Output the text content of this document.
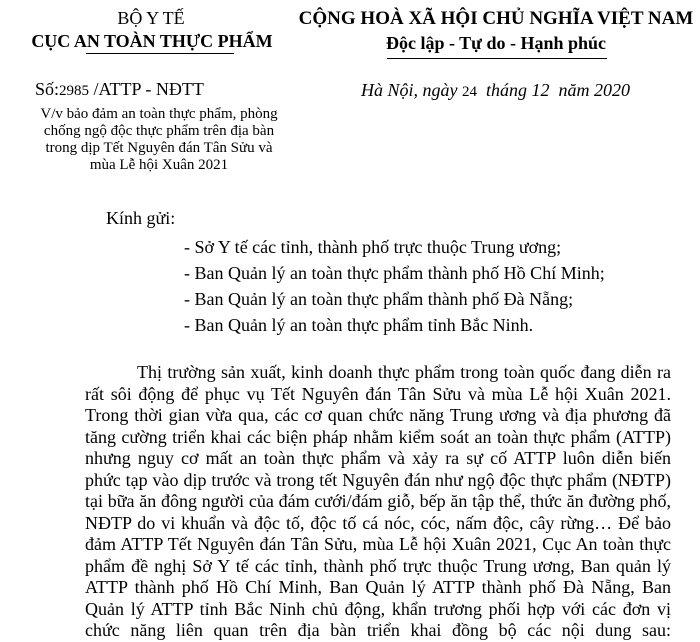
BỘ Y TẾ
CỤC AN TOÀN THỰC PHẨM
Số:2985 /ATTP - NĐTT
V/v bảo đảm an toàn thực phẩm, phòng
chống ngộ độc thực phẩm trên địa bàn
trong dịp Tết Nguyên đán Tân Sửu và
mùa Lễ hội Xuân 2021
CỘNG HOÀ XÃ HỘI CHỦ NGHĨA VIỆT NAM
Độc lập - Tự do - Hạnh phúc
Hà Nội, ngày 24 tháng 12 năm 2020
Kính gửi:
- Sở Y tế các tỉnh, thành phố trực thuộc Trung ương;
- Ban Quản lý an toàn thực phẩm thành phố Hồ Chí Minh;
- Ban Quản lý an toàn thực phẩm thành phố Đà Nẵng;
- Ban Quản lý an toàn thực phẩm tỉnh Bắc Ninh.
Thị trường sản xuất, kinh doanh thực phẩm trong toàn quốc đang diễn ra
rất sôi động để phục vụ Tết Nguyên đán Tân Sửu và mùa Lễ hội Xuân 2021.
Trong thời gian vừa qua, các cơ quan chức năng Trung ương và địa phương đã
tăng cường triển khai các biện pháp nhằm kiểm soát an toàn thực phẩm (ATTP)
nhưng nguy cơ mất an toàn thực phẩm và xảy ra sự cố ATTP luôn diễn biến
phức tạp vào dịp trước và trong tết Nguyên đán như ngộ độc thực phẩm (NĐTP)
tại bữa ăn đông người của đám cưới/đám giỗ, bếp ăn tập thể, thức ăn đường phố,
NĐTP do vi khuẩn và độc tố, độc tố cá nóc, cóc, nấm độc, cây rừng… Để bảo
đảm ATTP Tết Nguyên đán Tân Sửu, mùa Lễ hội Xuân 2021, Cục An toàn thực
phẩm đề nghị Sở Y tế các tỉnh, thành phố trực thuộc Trung ương, Ban quản lý
ATTP thành phố Hồ Chí Minh, Ban Quản lý ATTP thành phố Đà Nẵng, Ban
Quản lý ATTP tỉnh Bắc Ninh chủ động, khẩn trương phối hợp với các đơn vị
chức năng liên quan trên địa bàn triển khai đồng bộ các nội dung sau:
